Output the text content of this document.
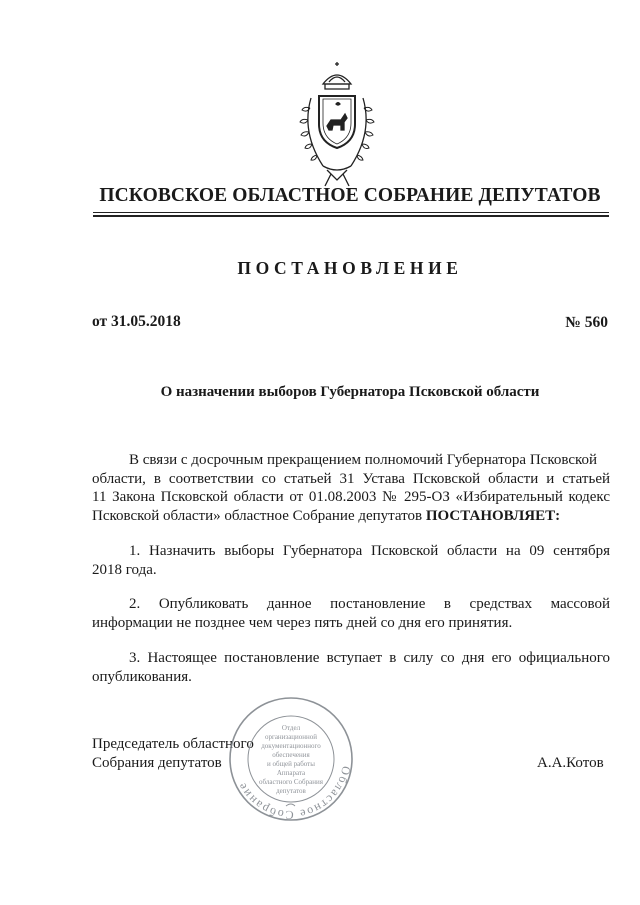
ПСКОВСКОЕ ОБЛАСТНОЕ СОБРАНИЕ ДЕПУТАТОВ
ПОСТАНОВЛЕНИЕ
от 31.05.2018	№ 560
О назначении выборов Губернатора Псковской области
В связи с досрочным прекращением полномочий Губернатора Псковской
области, в соответствии со статьей 31 Устава Псковской области и статьей
11 Закона Псковской области от 01.08.2003 № 295-ОЗ «Избирательный кодекс
Псковской области» областное Собрание депутатов ПОСТАНОВЛЯЕТ:
1. Назначить выборы Губернатора Псковской области на 09 сентября
2018 года.
2. Опубликовать данное постановление в средствах массовой
информации не позднее чем через пять дней со дня его принятия.
3. Настоящее постановление вступает в силу со дня его официального
опубликования.
Председатель областного
Собрания депутатов	А.А.Котов
Областное Собрание
Отдел
организационной
документационного
обеспечения
и общей работы
Аппарата
областного Собрания
депутатов
